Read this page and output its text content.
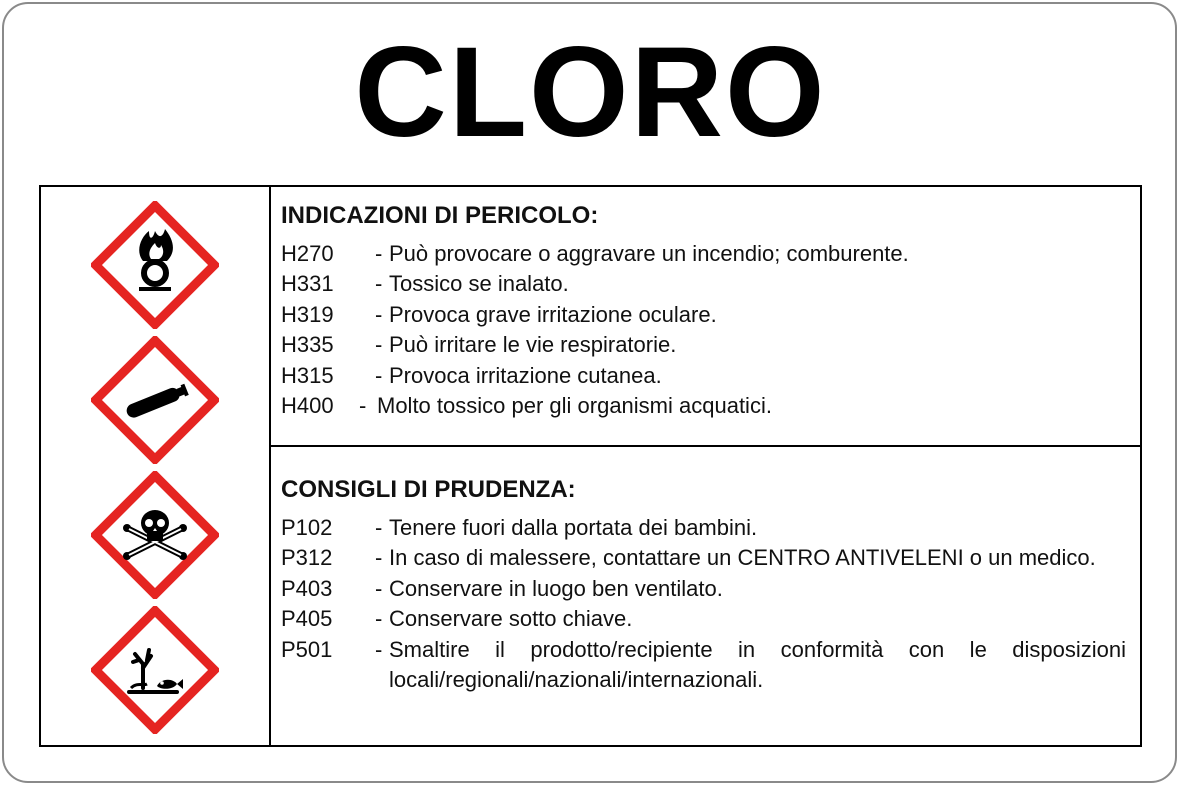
CLORO
INDICAZIONI DI PERICOLO:
H270	- Può provocare o aggravare un incendio; comburente.
H331	- Tossico se inalato.
H319	- Provoca grave irritazione oculare.
H335	- Può irritare le vie respiratorie.
H315	- Provoca irritazione cutanea.
H400	- Molto tossico per gli organismi acquatici.
CONSIGLI DI PRUDENZA:
P102	- Tenere fuori dalla portata dei bambini.
P312	- In caso di malessere, contattare un CENTRO ANTIVELENI o un medico.
P403	- Conservare in luogo ben ventilato.
P405	- Conservare sotto chiave.
P501	- Smaltire il prodotto/recipiente in conformità con le disposizioni locali/regionali/nazionali/internazionali.
